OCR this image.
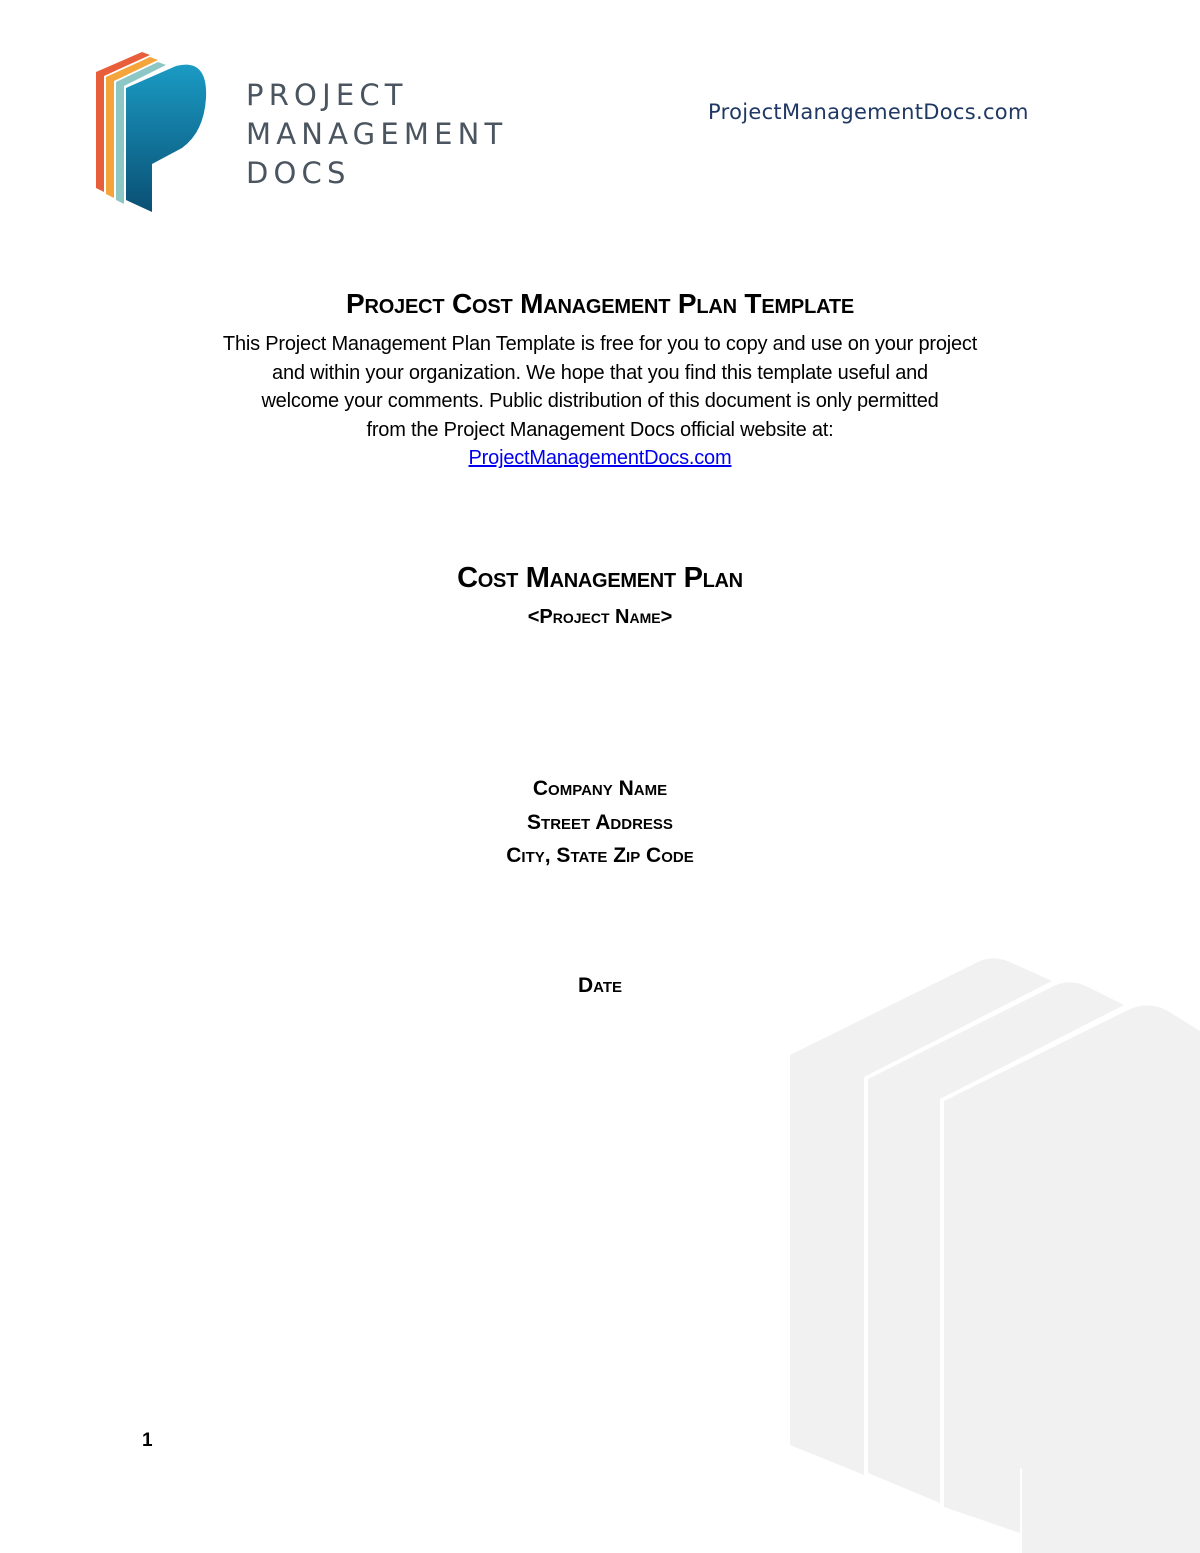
PROJECT
MANAGEMENT
DOCS
ProjectManagementDocs.com
Project Cost Management Plan Template

This Project Management Plan Template is free for you to copy and use on your project
and within your organization. We hope that you find this template useful and
welcome your comments. Public distribution of this document is only permitted
from the Project Management Docs official website at:
ProjectManagementDocs.com

Cost Management Plan
<Project Name>
Company Name
Street Address
City, State Zip Code
Date
1
